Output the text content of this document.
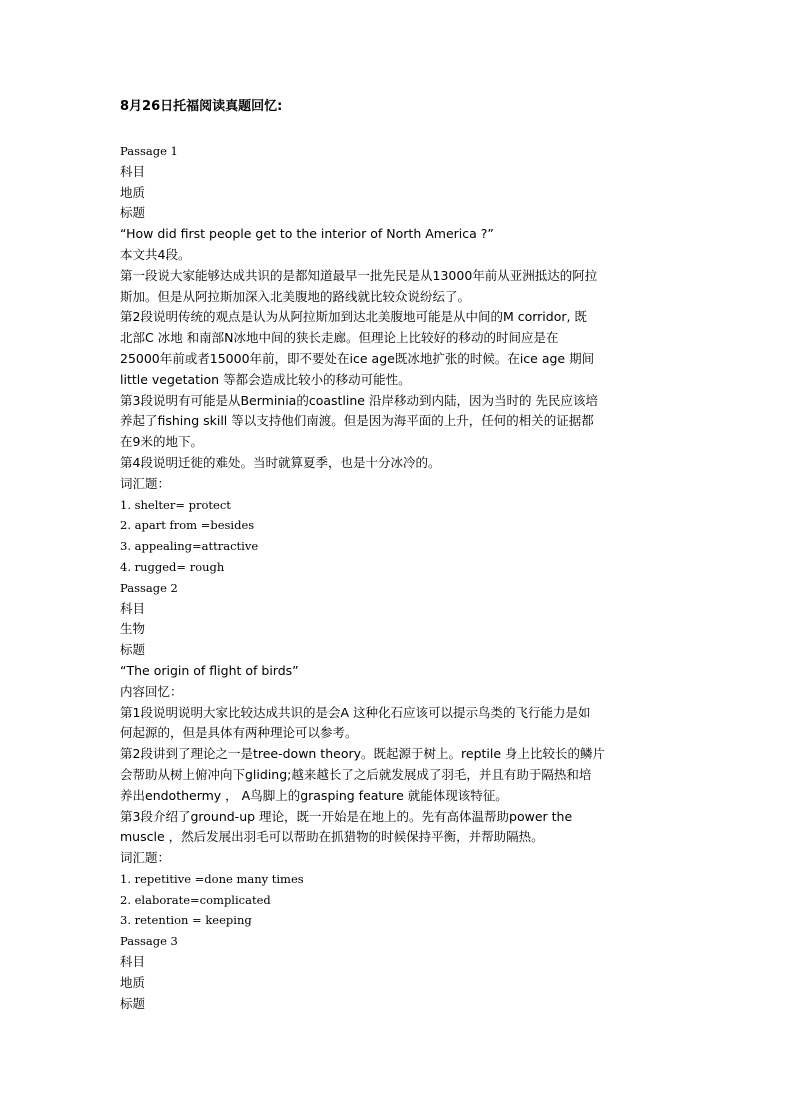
8月26日托福阅读真题回忆:
Passage 1
科目
地质
标题
“How did first people get to the interior of North America ?”
本文共4段。
第一段说大家能够达成共识的是都知道最早一批先民是从13000年前从亚洲抵达的阿拉
斯加。但是从阿拉斯加深入北美腹地的路线就比较众说纷纭了。
第2段说明传统的观点是认为从阿拉斯加到达北美腹地可能是从中间的M corridor, 既
北部C 冰地 和南部N冰地中间的狭长走廊。但理论上比较好的移动的时间应是在
25000年前或者15000年前，即不要处在ice age既冰地扩张的时候。在ice age 期间
little vegetation 等都会造成比较小的移动可能性。
第3段说明有可能是从Berminia的coastline 沿岸移动到内陆，因为当时的 先民应该培
养起了fishing skill 等以支持他们南渡。但是因为海平面的上升，任何的相关的证据都
在9米的地下。
第4段说明迁徙的难处。当时就算夏季，也是十分冰冷的。
词汇题：
1. shelter= protect
2. apart from =besides
3. appealing=attractive
4. rugged= rough
Passage 2
科目
生物
标题
“The origin of flight of birds”
内容回忆：
第1段说明说明大家比较达成共识的是会A 这种化石应该可以提示鸟类的飞行能力是如
何起源的，但是具体有两种理论可以参考。
第2段讲到了理论之一是tree-down theory。既起源于树上。reptile 身上比较长的鳞片
会帮助从树上俯冲向下gliding;越来越长了之后就发展成了羽毛，并且有助于隔热和培
养出endothermy ， A鸟脚上的grasping feature 就能体现该特征。
第3段介绍了ground-up 理论，既一开始是在地上的。先有高体温帮助power the
muscle ，然后发展出羽毛可以帮助在抓猎物的时候保持平衡，并帮助隔热。
词汇题：
1. repetitive =done many times
2. elaborate=complicated
3. retention = keeping
Passage 3
科目
地质
标题
